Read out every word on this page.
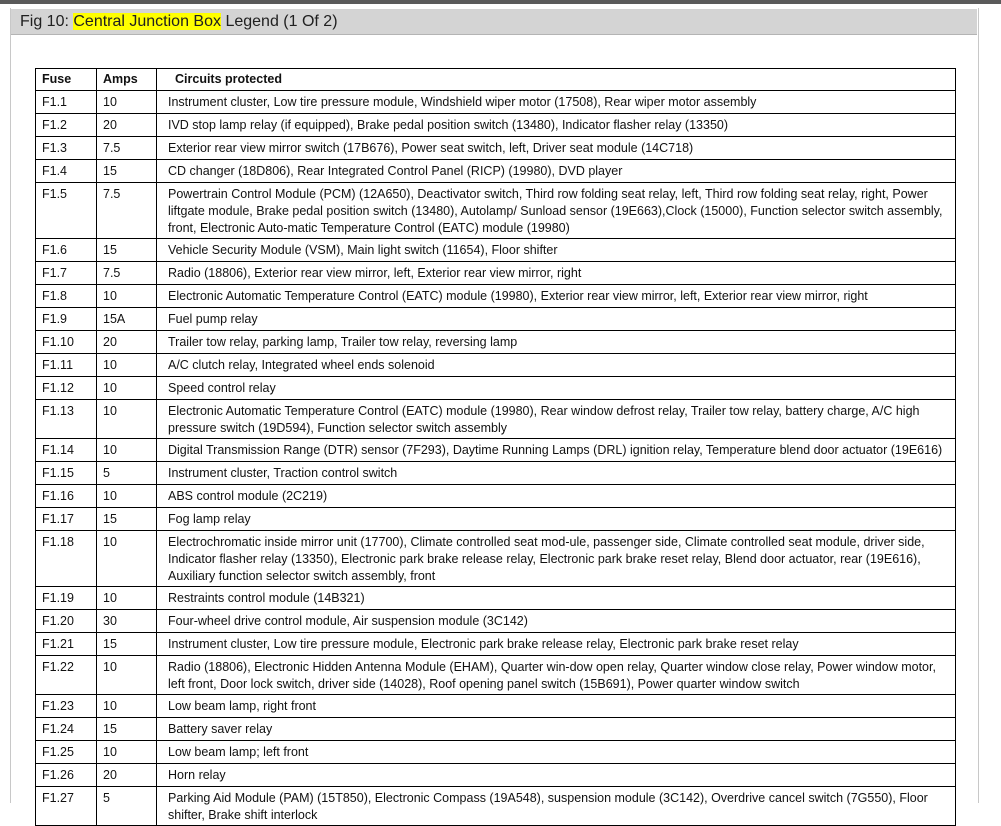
Fig 10: Central Junction Box Legend (1 Of 2)
Fuse	Amps	Circuits protected
F1.1	10	Instrument cluster, Low tire pressure module, Windshield wiper motor (17508), Rear wiper motor assembly
F1.2	20	IVD stop lamp relay (if equipped), Brake pedal position switch (13480), Indicator flasher relay (13350)
F1.3	7.5	Exterior rear view mirror switch (17B676), Power seat switch, left, Driver seat module (14C718)
F1.4	15	CD changer (18D806), Rear Integrated Control Panel (RICP) (19980), DVD player
F1.5	7.5	Powertrain Control Module (PCM) (12A650), Deactivator switch, Third row folding seat relay, left, Third row folding seat relay, right, Power liftgate module, Brake pedal position switch (13480), Autolamp/ Sunload sensor (19E663),Clock (15000), Function selector switch assembly, front, Electronic Auto-matic Temperature Control (EATC) module (19980)
F1.6	15	Vehicle Security Module (VSM), Main light switch (11654), Floor shifter
F1.7	7.5	Radio (18806), Exterior rear view mirror, left, Exterior rear view mirror, right
F1.8	10	Electronic Automatic Temperature Control (EATC) module (19980), Exterior rear view mirror, left, Exterior rear view mirror, right
F1.9	15A	Fuel pump relay
F1.10	20	Trailer tow relay, parking lamp, Trailer tow relay, reversing lamp
F1.11	10	A/C clutch relay, Integrated wheel ends solenoid
F1.12	10	Speed control relay
F1.13	10	Electronic Automatic Temperature Control (EATC) module (19980), Rear window defrost relay, Trailer tow relay, battery charge, A/C high pressure switch (19D594), Function selector switch assembly
F1.14	10	Digital Transmission Range (DTR) sensor (7F293), Daytime Running Lamps (DRL) ignition relay, Temperature blend door actuator (19E616)
F1.15	5	Instrument cluster, Traction control switch
F1.16	10	ABS control module (2C219)
F1.17	15	Fog lamp relay
F1.18	10	Electrochromatic inside mirror unit (17700), Climate controlled seat mod-ule, passenger side, Climate controlled seat module, driver side, Indicator flasher relay (13350), Electronic park brake release relay, Electronic park brake reset relay, Blend door actuator, rear (19E616), Auxiliary function selector switch assembly, front
F1.19	10	Restraints control module (14B321)
F1.20	30	Four-wheel drive control module, Air suspension module (3C142)
F1.21	15	Instrument cluster, Low tire pressure module, Electronic park brake release relay, Electronic park brake reset relay
F1.22	10	Radio (18806), Electronic Hidden Antenna Module (EHAM), Quarter win-dow open relay, Quarter window close relay, Power window motor, left front, Door lock switch, driver side (14028), Roof opening panel switch (15B691), Power quarter window switch
F1.23	10	Low beam lamp, right front
F1.24	15	Battery saver relay
F1.25	10	Low beam lamp; left front
F1.26	20	Horn relay
F1.27	5	Parking Aid Module (PAM) (15T850), Electronic Compass (19A548), suspension module (3C142), Overdrive cancel switch (7G550), Floor shifter, Brake shift interlock
